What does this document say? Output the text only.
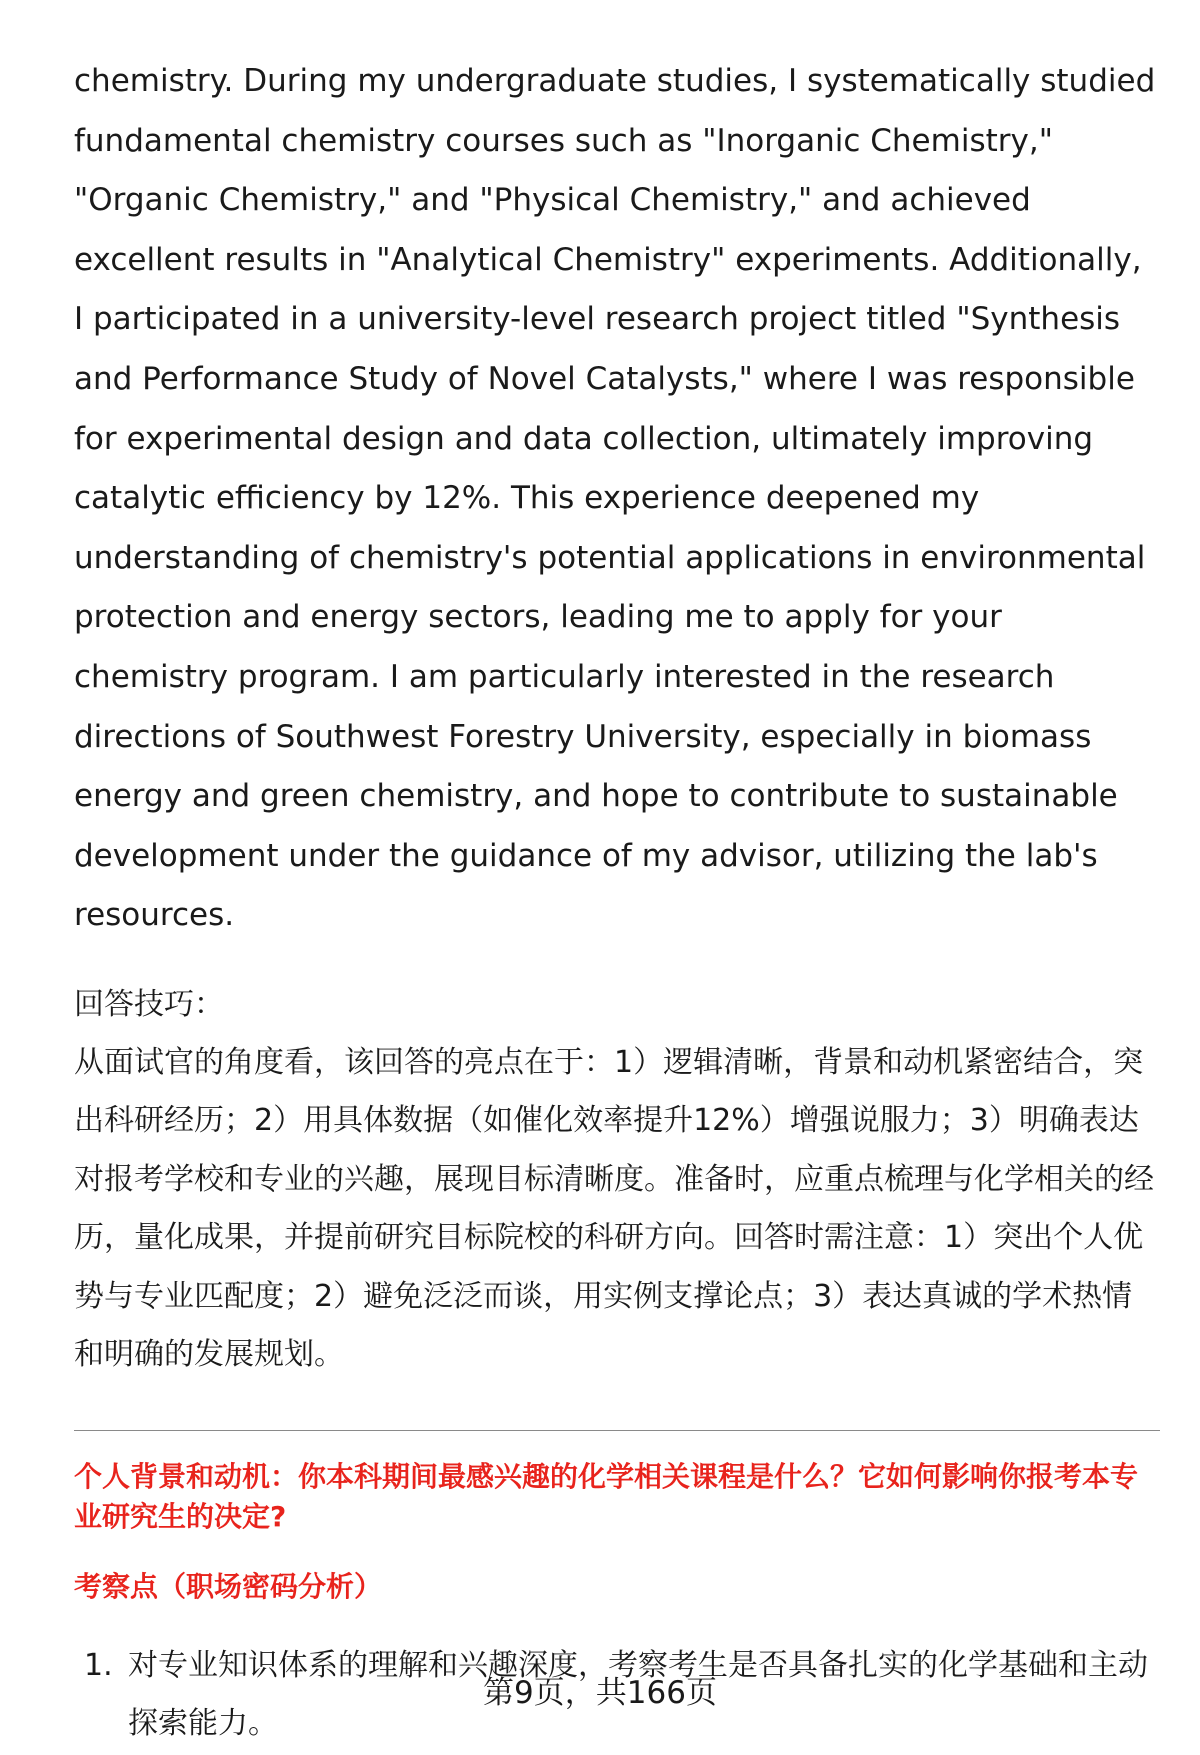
chemistry. During my undergraduate studies, I systematically studied fundamental chemistry courses such as "Inorganic Chemistry," "Organic Chemistry," and "Physical Chemistry," and achieved excellent results in "Analytical Chemistry" experiments. Additionally, I participated in a university-level research project titled "Synthesis and Performance Study of Novel Catalysts," where I was responsible for experimental design and data collection, ultimately improving catalytic efficiency by 12%. This experience deepened my understanding of chemistry's potential applications in environmental protection and energy sectors, leading me to apply for your chemistry program. I am particularly interested in the research directions of Southwest Forestry University, especially in biomass energy and green chemistry, and hope to contribute to sustainable development under the guidance of my advisor, utilizing the lab's resources.

回答技巧：

从面试官的角度看，该回答的亮点在于：1）逻辑清晰，背景和动机紧密结合，突出科研经历；2）用具体数据（如催化效率提升12%）增强说服力；3）明确表达对报考学校和专业的兴趣，展现目标清晰度。准备时，应重点梳理与化学相关的经历，量化成果，并提前研究目标院校的科研方向。回答时需注意：1）突出个人优势与专业匹配度；2）避免泛泛而谈，用实例支撑论点；3）表达真诚的学术热情和明确的发展规划。

个人背景和动机：你本科期间最感兴趣的化学相关课程是什么？它如何影响你报考本专业研究生的决定?

考察点（职场密码分析）

1. 对专业知识体系的理解和兴趣深度，考察考生是否具备扎实的化学基础和主动探索能力。
第9页，共166页
